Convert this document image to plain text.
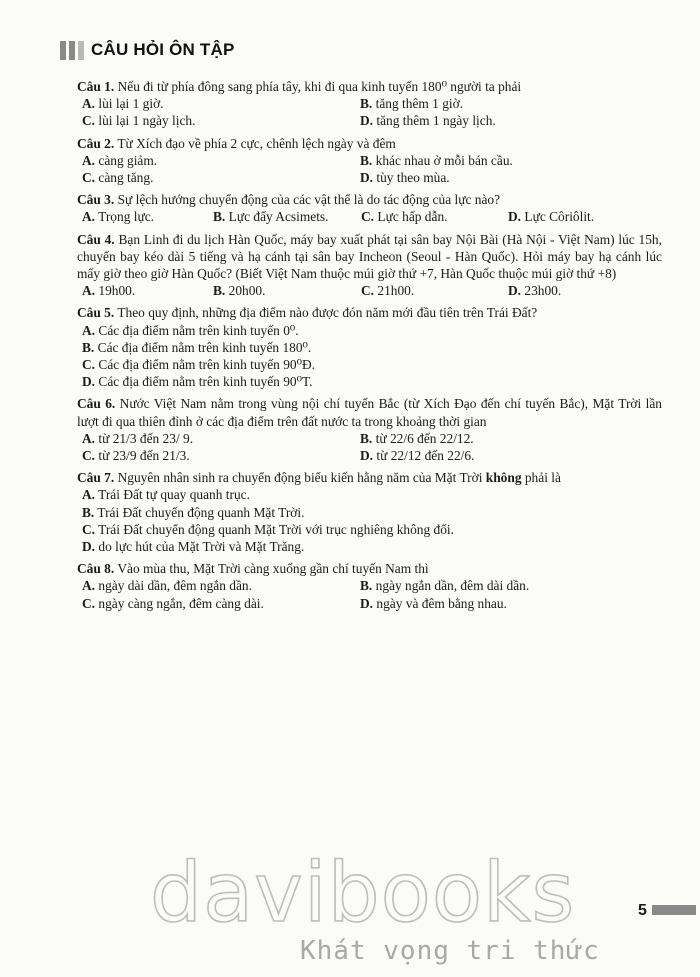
CÂU HỎI ÔN TẬP
Câu 1. Nếu đi từ phía đông sang phía tây, khi đi qua kinh tuyến 180⁰ người ta phải
A. lùi lại 1 giờ.	B. tăng thêm 1 giờ.
C. lùi lại 1 ngày lịch.	D. tăng thêm 1 ngày lịch.
Câu 2. Từ Xích đạo về phía 2 cực, chênh lệch ngày và đêm
A. càng giảm.	B. khác nhau ở mỗi bán cầu.
C. càng tăng.	D. tùy theo mùa.
Câu 3. Sự lệch hướng chuyển động của các vật thể là do tác động của lực nào?
A. Trọng lực.	B. Lực đẩy Acsimets.	C. Lực hấp dẫn.	D. Lực Côriôlit.
Câu 4. Bạn Linh đi du lịch Hàn Quốc, máy bay xuất phát tại sân bay Nội Bài (Hà Nội - Việt Nam) lúc 15h, chuyến bay kéo dài 5 tiếng và hạ cánh tại sân bay Incheon (Seoul - Hàn Quốc). Hỏi máy bay hạ cánh lúc mấy giờ theo giờ Hàn Quốc? (Biết Việt Nam thuộc múi giờ thứ +7, Hàn Quốc thuộc múi giờ thứ +8)
A. 19h00.	B. 20h00.	C. 21h00.	D. 23h00.
Câu 5. Theo quy định, những địa điểm nào được đón năm mới đầu tiên trên Trái Đất?
A. Các địa điểm nằm trên kinh tuyến 0⁰.
B. Các địa điểm nằm trên kinh tuyến 180⁰.
C. Các địa điểm nằm trên kinh tuyến 90⁰Đ.
D. Các địa điểm nằm trên kinh tuyến 90⁰T.
Câu 6. Nước Việt Nam nằm trong vùng nội chí tuyến Bắc (từ Xích Đạo đến chí tuyến Bắc), Mặt Trời lần lượt đi qua thiên đỉnh ở các địa điểm trên đất nước ta trong khoảng thời gian
A. từ 21/3 đến 23/ 9.	B. từ 22/6 đến 22/12.
C. từ 23/9 đến 21/3.	D. từ 22/12 đến 22/6.
Câu 7. Nguyên nhân sinh ra chuyển động biểu kiến hằng năm của Mặt Trời không phải là
A. Trái Đất tự quay quanh trục.
B. Trái Đất chuyển động quanh Mặt Trời.
C. Trái Đất chuyển động quanh Mặt Trời với trục nghiêng không đổi.
D. do lực hút của Mặt Trời và Mặt Trăng.
Câu 8. Vào mùa thu, Mặt Trời càng xuống gần chí tuyến Nam thì
A. ngày dài dần, đêm ngắn dần.	B. ngày ngắn dần, đêm dài dần.
C. ngày càng ngắn, đêm càng dài.	D. ngày và đêm bằng nhau.
davibooks
Khát vọng tri thức
5
